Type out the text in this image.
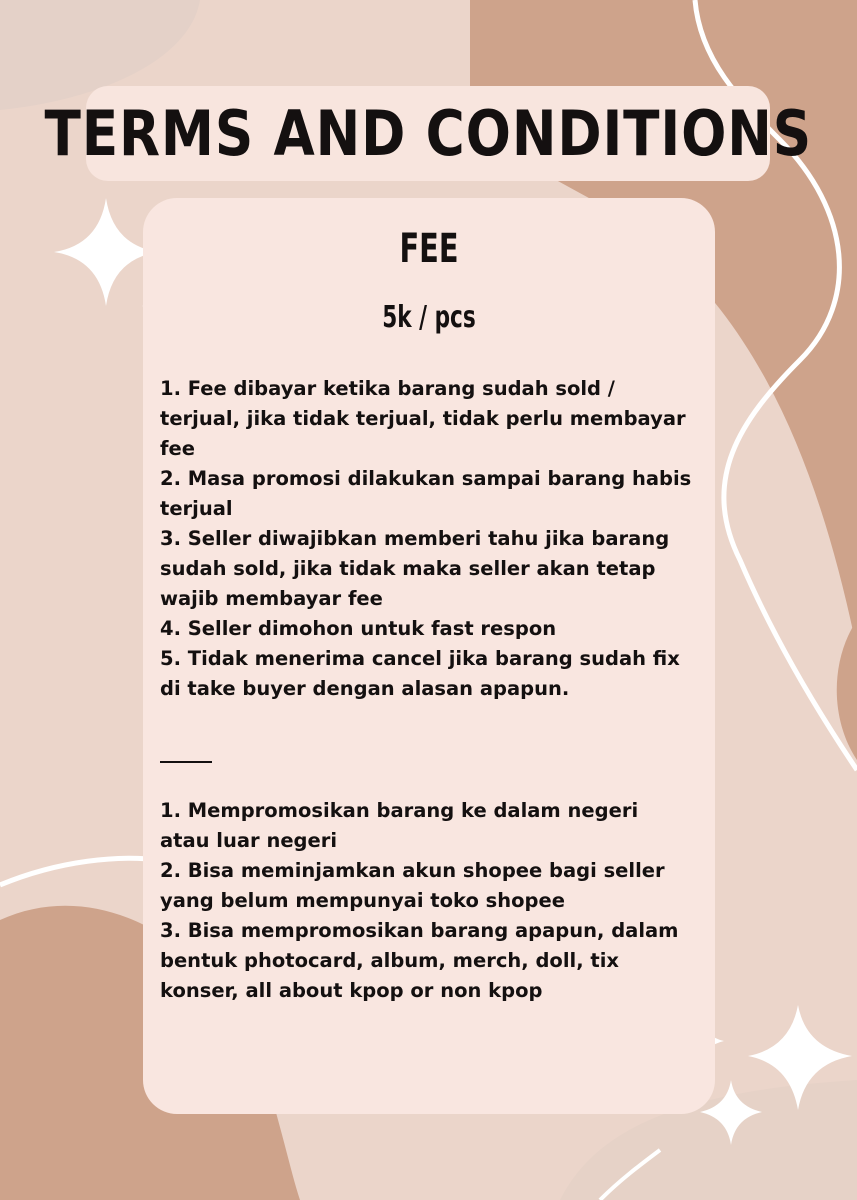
TERMS AND CONDITIONS
FEE
5k / pcs
1. Fee dibayar ketika barang sudah sold / terjual, jika tidak terjual, tidak perlu membayar fee
2. Masa promosi dilakukan sampai barang habis terjual
3. Seller diwajibkan memberi tahu jika barang sudah sold, jika tidak maka seller akan tetap wajib membayar fee
4. Seller dimohon untuk fast respon
5. Tidak menerima cancel jika barang sudah fix di take buyer dengan alasan apapun.
1. Mempromosikan barang ke dalam negeri atau luar negeri
2. Bisa meminjamkan akun shopee bagi seller yang belum mempunyai toko shopee
3. Bisa mempromosikan barang apapun, dalam bentuk photocard, album, merch, doll, tix konser, all about kpop or non kpop
